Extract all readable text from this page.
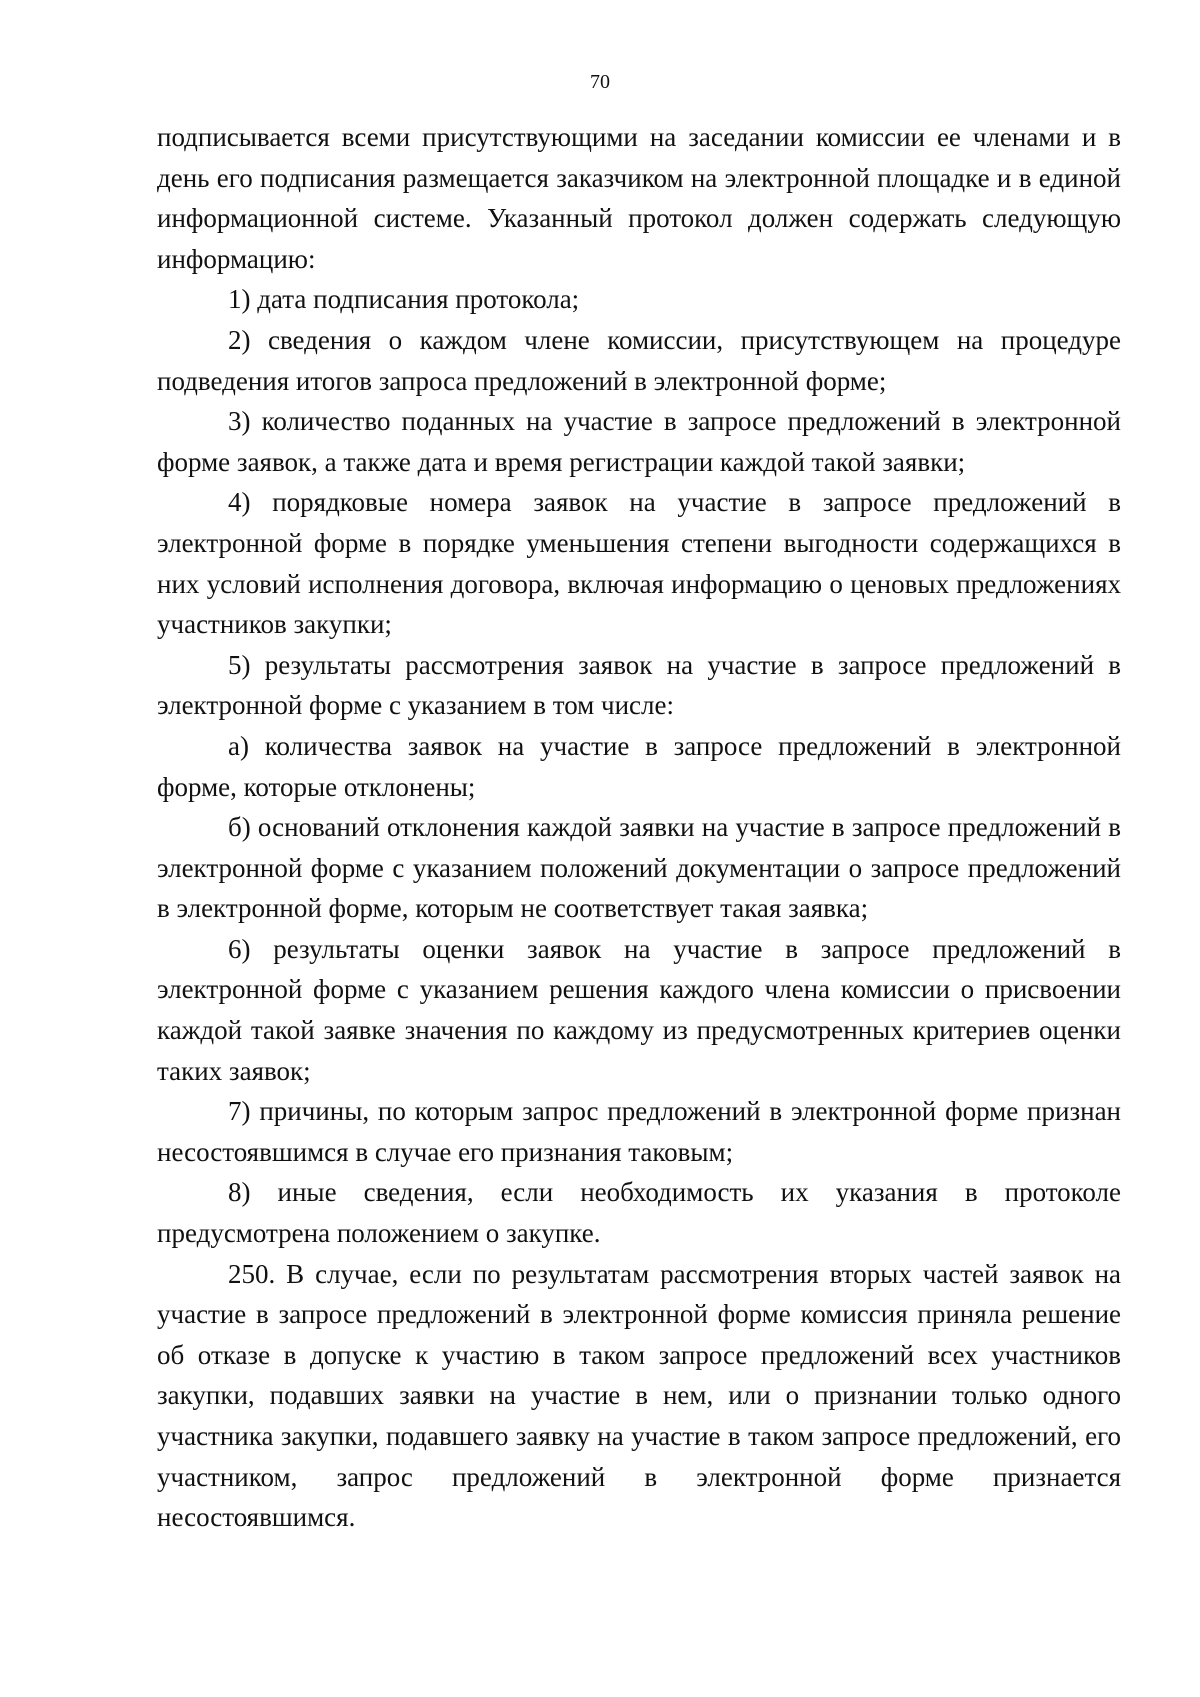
70

подписывается всеми присутствующими на заседании комиссии ее членами и в день его подписания размещается заказчиком на электронной площадке и в единой информационной системе. Указанный протокол должен содержать следующую информацию:

1) дата подписания протокола;

2) сведения о каждом члене комиссии, присутствующем на процедуре подведения итогов запроса предложений в электронной форме;

3) количество поданных на участие в запросе предложений в электронной форме заявок, а также дата и время регистрации каждой такой заявки;

4) порядковые номера заявок на участие в запросе предложений в электронной форме в порядке уменьшения степени выгодности содержащихся в них условий исполнения договора, включая информацию о ценовых предложениях участников закупки;

5) результаты рассмотрения заявок на участие в запросе предложений в электронной форме с указанием в том числе:

а) количества заявок на участие в запросе предложений в электронной форме, которые отклонены;

б) оснований отклонения каждой заявки на участие в запросе предложений в электронной форме с указанием положений документации о запросе предложений в электронной форме, которым не соответствует такая заявка;

6) результаты оценки заявок на участие в запросе предложений в электронной форме с указанием решения каждого члена комиссии о присвоении каждой такой заявке значения по каждому из предусмотренных критериев оценки таких заявок;

7) причины, по которым запрос предложений в электронной форме признан несостоявшимся в случае его признания таковым;

8) иные сведения, если необходимость их указания в протоколе предусмотрена положением о закупке.

250. В случае, если по результатам рассмотрения вторых частей заявок на участие в запросе предложений в электронной форме комиссия приняла решение об отказе в допуске к участию в таком запросе предложений всех участников закупки, подавших заявки на участие в нем, или о признании только одного участника закупки, подавшего заявку на участие в таком запросе предложений, его участником, запрос предложений в электронной форме признается несостоявшимся.
